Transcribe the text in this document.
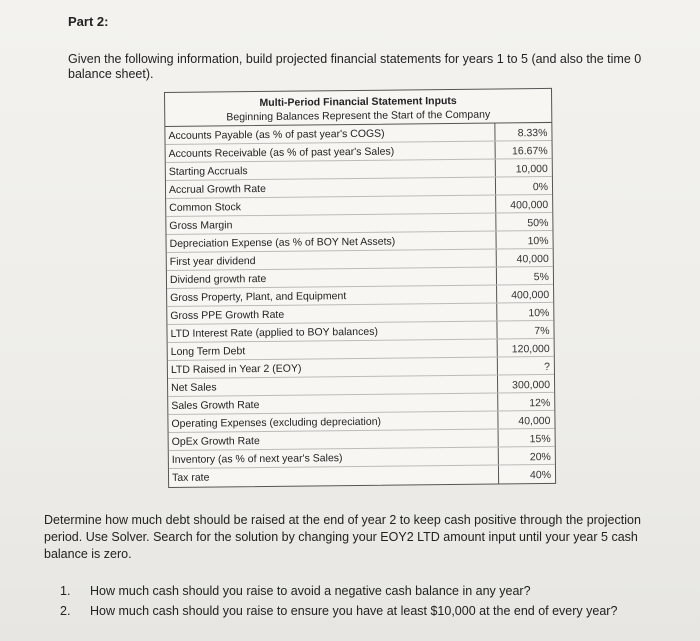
Part 2:
Given the following information, build projected financial statements for years 1 to 5 (and also the time 0 balance sheet).
Multi-Period Financial Statement Inputs
Beginning Balances Represent the Start of the Company
Accounts Payable (as % of past year's COGS)	8.33%
Accounts Receivable (as % of past year's Sales)	16.67%
Starting Accruals	10,000
Accrual Growth Rate	0%
Common Stock	400,000
Gross Margin	50%
Depreciation Expense (as % of BOY Net Assets)	10%
First year dividend	40,000
Dividend growth rate	5%
Gross Property, Plant, and Equipment	400,000
Gross PPE Growth Rate	10%
LTD Interest Rate (applied to BOY balances)	7%
Long Term Debt	120,000
LTD Raised in Year 2 (EOY)	?
Net Sales	300,000
Sales Growth Rate	12%
Operating Expenses (excluding depreciation)	40,000
OpEx Growth Rate	15%
Inventory (as % of next year's Sales)	20%
Tax rate	40%
Determine how much debt should be raised at the end of year 2 to keep cash positive through the projection period. Use Solver. Search for the solution by changing your EOY2 LTD amount input until your year 5 cash balance is zero.
1.	How much cash should you raise to avoid a negative cash balance in any year?
2.	How much cash should you raise to ensure you have at least $10,000 at the end of every year?
